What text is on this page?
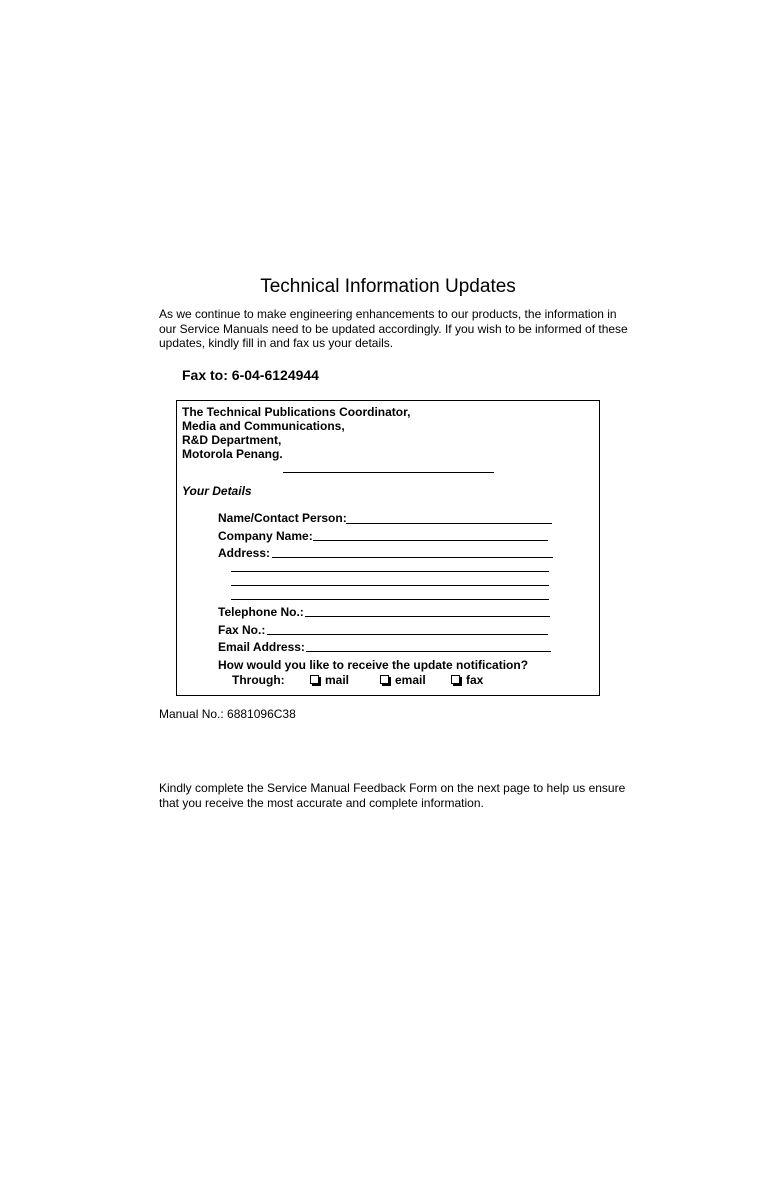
Technical Information Updates
As we continue to make engineering enhancements to our products, the information in
our Service Manuals need to be updated accordingly. If you wish to be informed of these
updates, kindly fill in and fax us your details.
Fax to: 6-04-6124944
The Technical Publications Coordinator,
Media and Communications,
R&D Department,
Motorola Penang.
Your Details
Name/Contact Person:
Company Name:
Address:
Telephone No.:
Fax No.:
Email Address:
How would you like to receive the update notification?
Through:	mail	email	fax
Manual No.: 6881096C38
Kindly complete the Service Manual Feedback Form on the next page to help us ensure
that you receive the most accurate and complete information.
